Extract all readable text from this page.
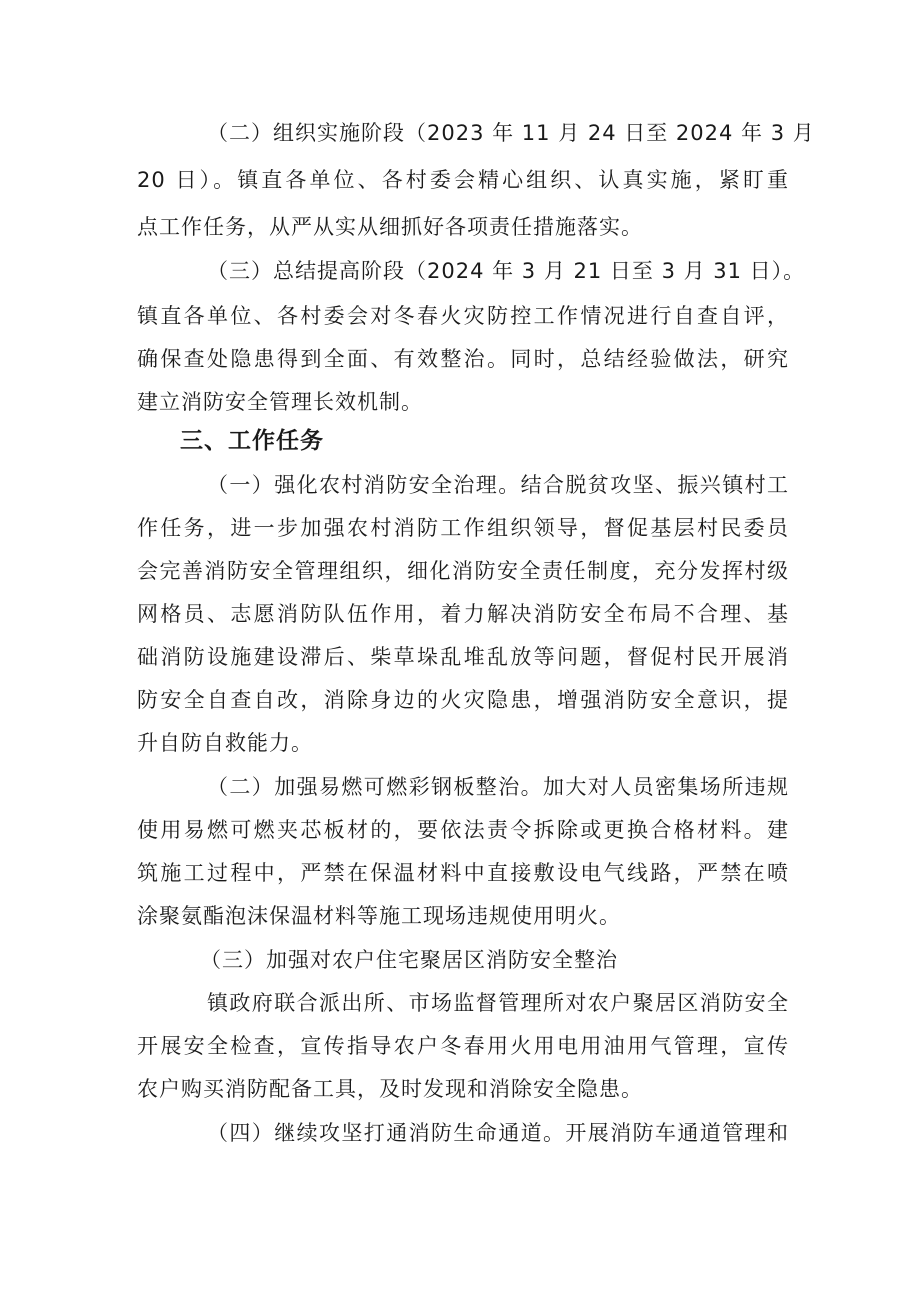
（二）组织实施阶段（2023 年 11 月 24 日至 2024 年 3 月
20 日）。镇直各单位、各村委会精心组织、认真实施，紧盯重
点工作任务，从严从实从细抓好各项责任措施落实。
（三）总结提高阶段（2024 年 3 月 21 日至 3 月 31 日）。
镇直各单位、各村委会对冬春火灾防控工作情况进行自查自评，
确保查处隐患得到全面、有效整治。同时，总结经验做法，研究
建立消防安全管理长效机制。
三、工作任务
（一）强化农村消防安全治理。结合脱贫攻坚、振兴镇村工
作任务，进一步加强农村消防工作组织领导，督促基层村民委员
会完善消防安全管理组织，细化消防安全责任制度，充分发挥村级
网格员、志愿消防队伍作用，着力解决消防安全布局不合理、基
础消防设施建设滞后、柴草垛乱堆乱放等问题，督促村民开展消
防安全自查自改，消除身边的火灾隐患，增强消防安全意识，提
升自防自救能力。
（二）加强易燃可燃彩钢板整治。加大对人员密集场所违规
使用易燃可燃夹芯板材的，要依法责令拆除或更换合格材料。建
筑施工过程中，严禁在保温材料中直接敷设电气线路，严禁在喷
涂聚氨酯泡沫保温材料等施工现场违规使用明火。
（三）加强对农户住宅聚居区消防安全整治
镇政府联合派出所、市场监督管理所对农户聚居区消防安全
开展安全检查，宣传指导农户冬春用火用电用油用气管理，宣传
农户购买消防配备工具，及时发现和消除安全隐患。
（四）继续攻坚打通消防生命通道。开展消防车通道管理和
